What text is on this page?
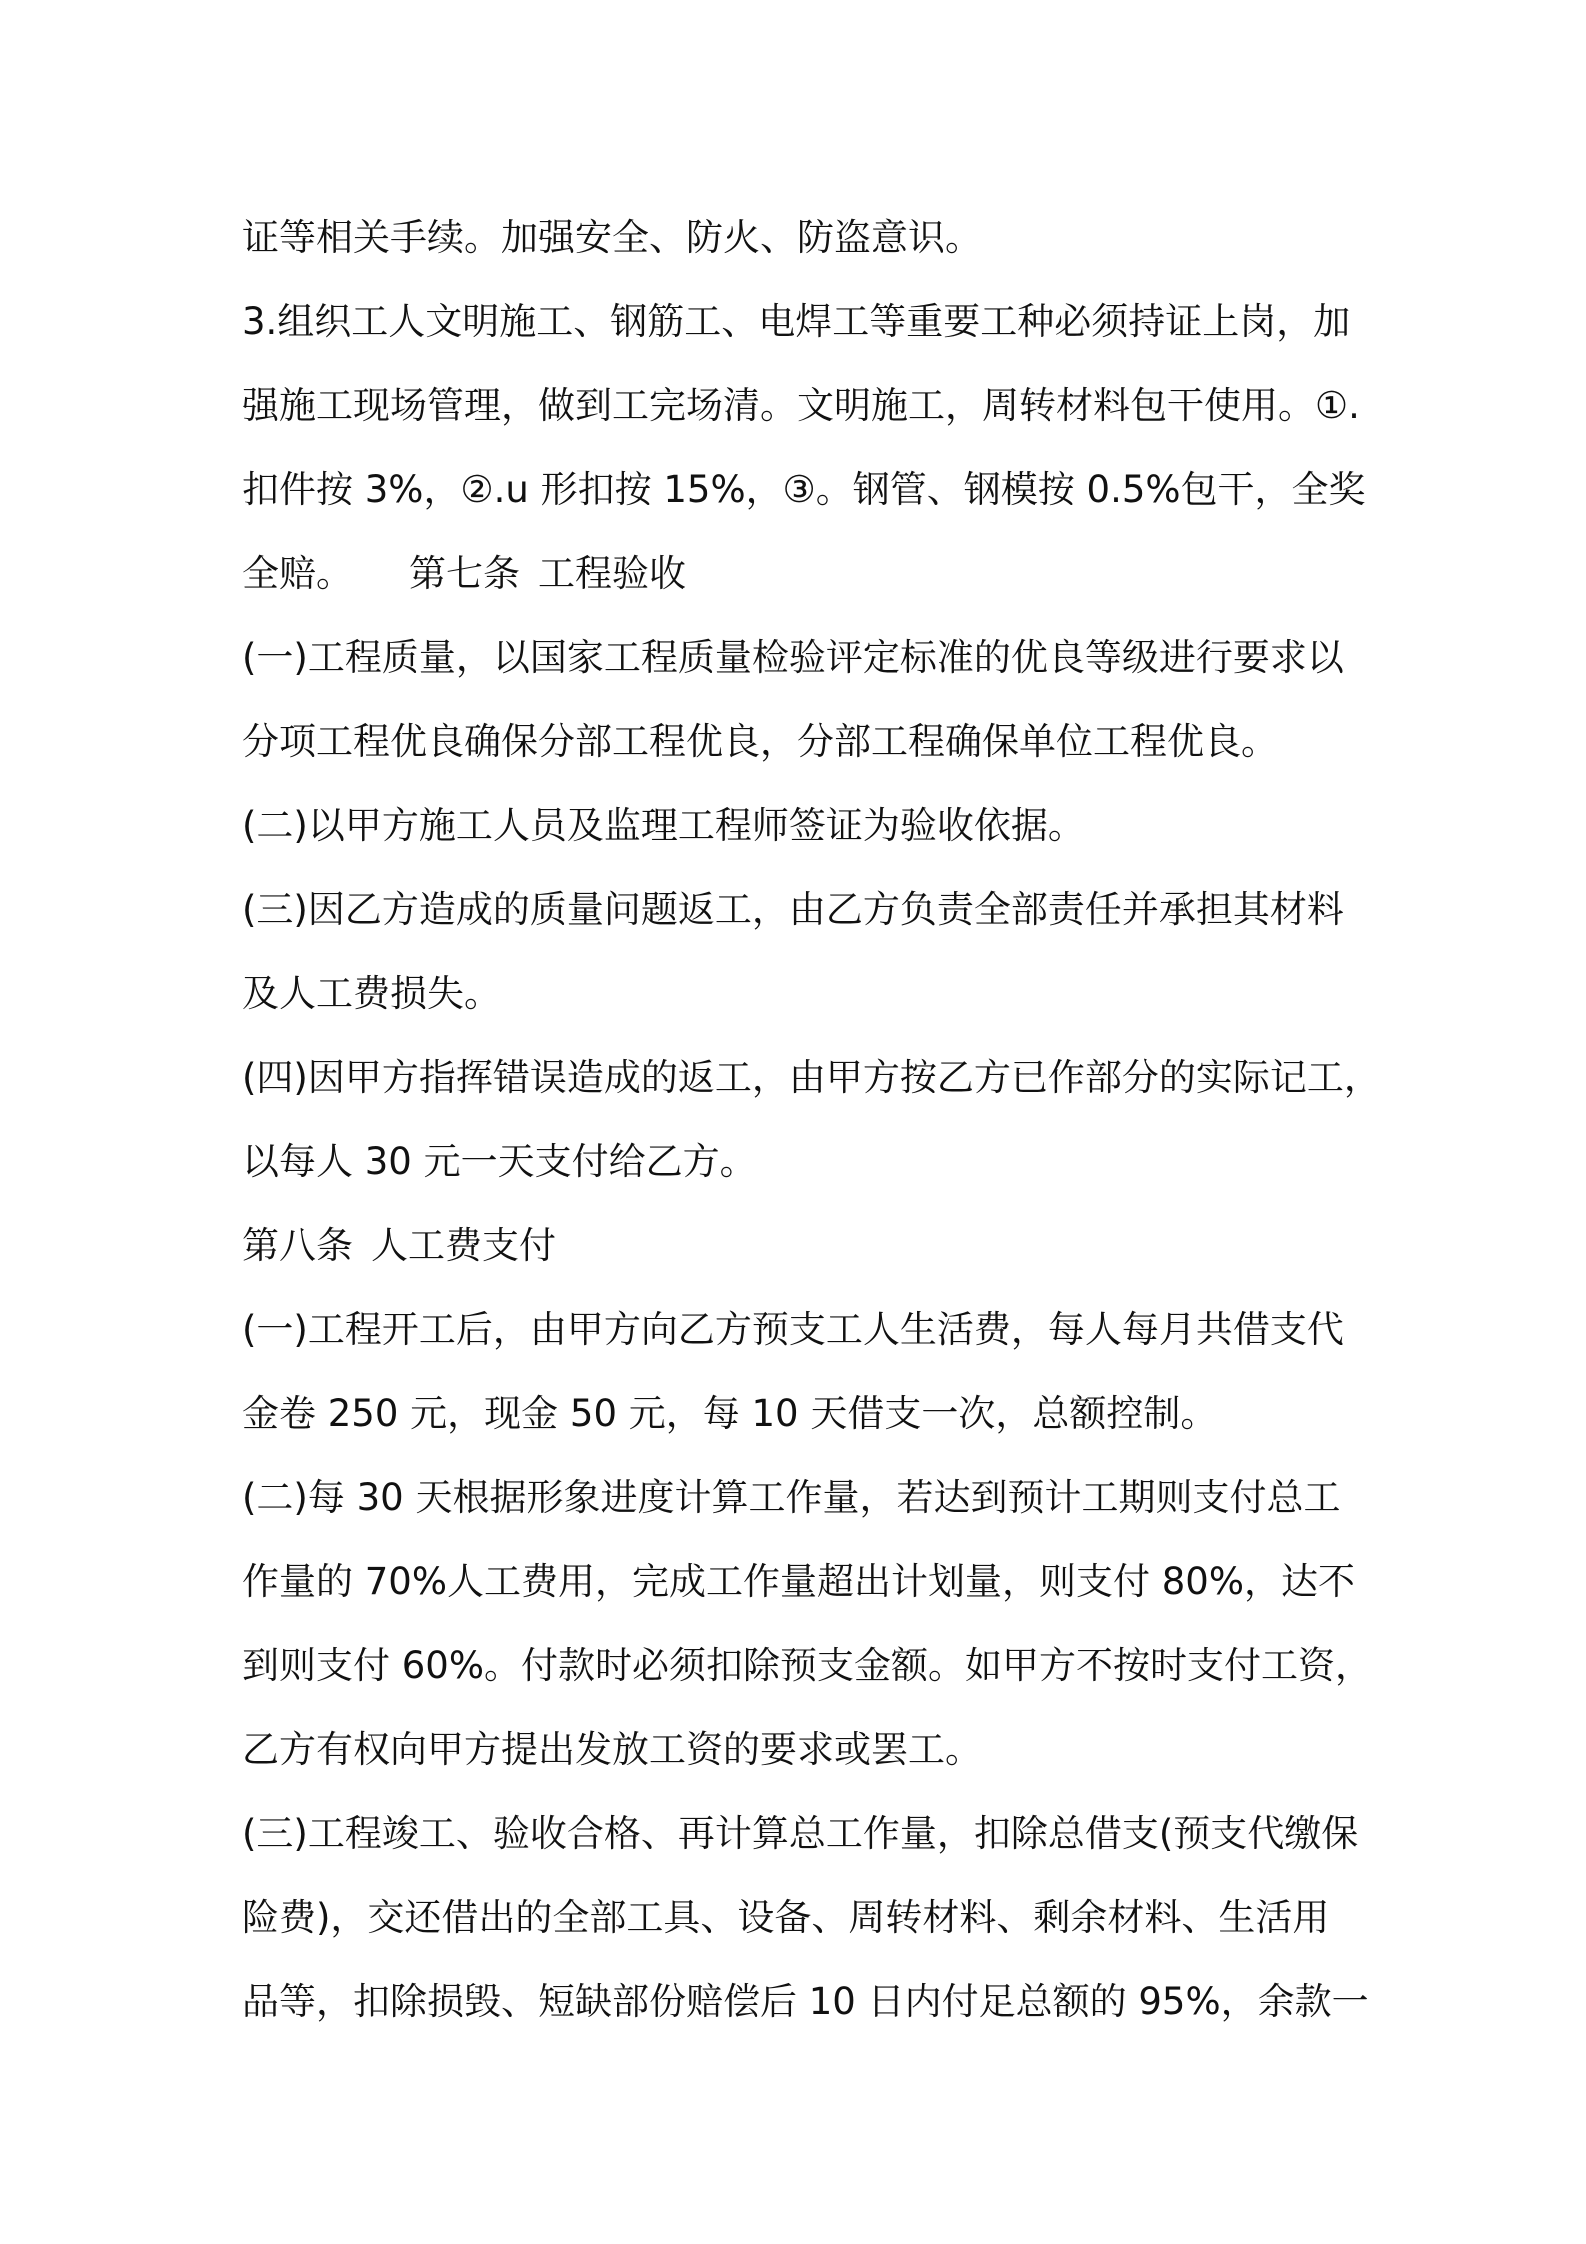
证等相关手续。加强安全、防火、防盗意识。
3.组织工人文明施工、钢筋工、电焊工等重要工种必须持证上岗，加
强施工现场管理，做到工完场清。文明施工，周转材料包干使用。①.
扣件按 3%，②.u 形扣按 15%，③。钢管、钢模按 0.5%包干，全奖
全赔。 第七条 工程验收
(一)工程质量，以国家工程质量检验评定标准的优良等级进行要求以
分项工程优良确保分部工程优良，分部工程确保单位工程优良。
(二)以甲方施工人员及监理工程师签证为验收依据。
(三)因乙方造成的质量问题返工，由乙方负责全部责任并承担其材料
及人工费损失。
(四)因甲方指挥错误造成的返工，由甲方按乙方已作部分的实际记工，
以每人 30 元一天支付给乙方。
第八条 人工费支付
(一)工程开工后，由甲方向乙方预支工人生活费，每人每月共借支代
金卷 250 元，现金 50 元，每 10 天借支一次，总额控制。
(二)每 30 天根据形象进度计算工作量，若达到预计工期则支付总工
作量的 70%人工费用，完成工作量超出计划量，则支付 80%，达不
到则支付 60%。付款时必须扣除预支金额。如甲方不按时支付工资，
乙方有权向甲方提出发放工资的要求或罢工。
(三)工程竣工、验收合格、再计算总工作量，扣除总借支(预支代缴保
险费)，交还借出的全部工具、设备、周转材料、剩余材料、生活用
品等，扣除损毁、短缺部份赔偿后 10 日内付足总额的 95%，余款一
